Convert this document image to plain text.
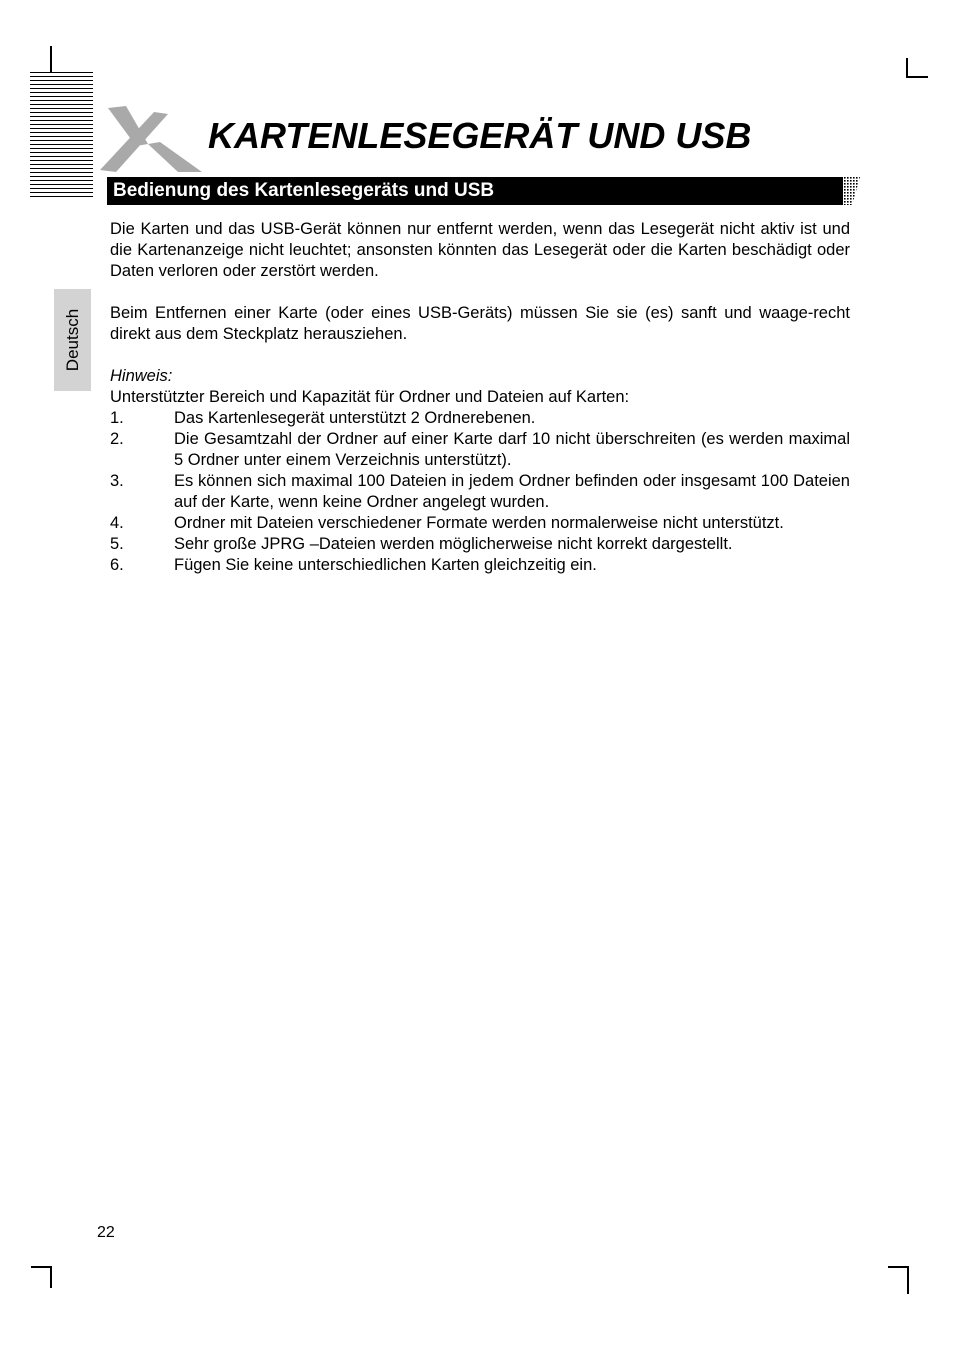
KARTENLESEGERÄT UND USB
Bedienung des Kartenlesegeräts und USB
Deutsch

Die Karten und das USB-Gerät können nur entfernt werden, wenn das Lesegerät nicht aktiv ist und die Kartenanzeige nicht leuchtet; ansonsten könnten das Lesegerät oder die Karten beschädigt oder Daten verloren oder zerstört werden.

Beim Entfernen einer Karte (oder eines USB-Geräts) müssen Sie sie (es) sanft und waage-recht direkt aus dem Steckplatz herausziehen.

Hinweis:

Unterstützter Bereich und Kapazität für Ordner und Dateien auf Karten:

1.	Das Kartenlesegerät unterstützt 2 Ordnerebenen.
2.	Die Gesamtzahl der Ordner auf einer Karte darf 10 nicht überschreiten (es werden maximal 5 Ordner unter einem Verzeichnis unterstützt).
3.	Es können sich maximal 100 Dateien in jedem Ordner befinden oder insgesamt 100 Dateien auf der Karte, wenn keine Ordner angelegt wurden.
4.	Ordner mit Dateien verschiedener Formate werden normalerweise nicht unterstützt.
5.	Sehr große JPRG –Dateien werden möglicherweise nicht korrekt dargestellt.
6.	Fügen Sie keine unterschiedlichen Karten gleichzeitig ein.
22
